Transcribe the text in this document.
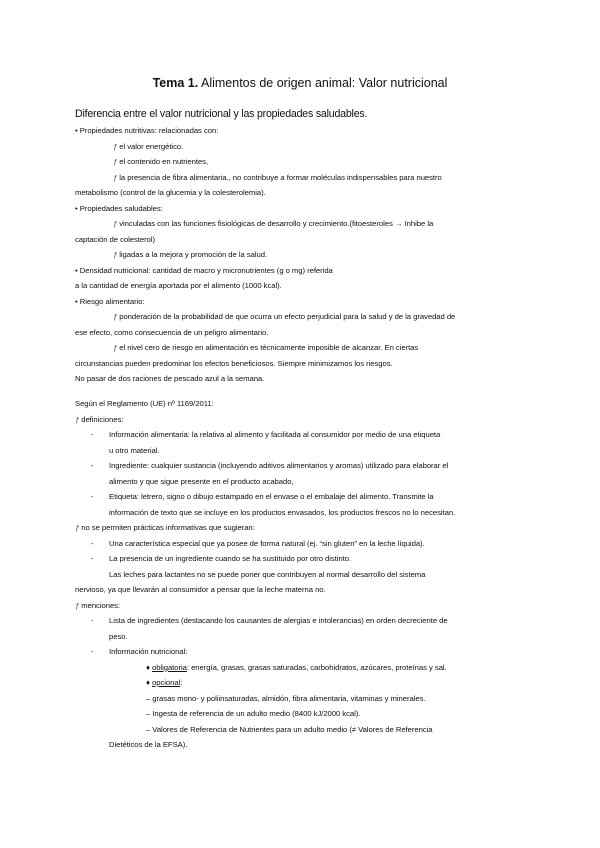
Tema 1. Alimentos de origen animal: Valor nutricional
Diferencia entre el valor nutricional y las propiedades saludables.
• Propiedades nutritivas: relacionadas con:
ƒ el valor energético.
ƒ el contenido en nutrientes,
ƒ la presencia de fibra alimentaria., no contribuye a formar moléculas indispensables para nuestro
metabolismo (control de la glucemia y la colesterolemia).
• Propiedades saludables:
ƒ vinculadas con las funciones fisiológicas de desarrollo y crecimiento.(fitoesteroles → Inhibe la
captación de colesterol)
ƒ ligadas a la mejora y promoción de la salud.
• Densidad nutricional: cantidad de macro y micronutrientes (g o mg) referida
a la cantidad de energía aportada por el alimento (1000 kcal).
• Riesgo alimentario:
ƒ ponderación de la probabilidad de que ocurra un efecto perjudicial para la salud y de la gravedad de
ese efecto, como consecuencia de un peligro alimentario.
ƒ el nivel cero de riesgo en alimentación es técnicamente imposible de alcanzar. En ciertas
circunstancias pueden predominar los efectos beneficiosos. Siempre minimizamos los riesgos.
No pasar de dos raciones de pescado azul a la semana.
Según el Reglamento (UE) nº 1169/2011:
ƒ definiciones:
- Información alimentaria: la relativa al alimento y facilitada al consumidor por medio de una etiqueta
u otro material.
- Ingrediente: cualquier sustancia (incluyendo aditivos alimentarios y aromas) utilizado para elaborar el
alimento y que sigue presente en el producto acabado,
- Etiqueta: letrero, signo o dibujo estampado en el envase o el embalaje del alimento. Transmite la
información de texto que se incluye en los productos envasados, los productos frescos no lo necesitan.
ƒ no se permiten prácticas informativas que sugieran:
- Una característica especial que ya posee de forma natural (ej. “sin gluten” en la leche líquida).
- La presencia de un ingrediente cuando se ha sustituido por otro distinto.
Las leches para lactantes no se puede poner que contribuyen al normal desarrollo del sistema
nervioso, ya que llevarán al consumidor a pensar que la leche materna no.
ƒ menciones:
- Lista de ingredientes (destacando los causantes de alergias e intolerancias) en orden decreciente de
peso.
- Información nutricional:
♦ obligatoria: energía, grasas, grasas saturadas, carbohidratos, azúcares, proteínas y sal.
♦ opcional:
– grasas mono- y poliinsaturadas, almidón, fibra alimentaria, vitaminas y minerales.
– Ingesta de referencia de un adulto medio (8400 kJ/2000 kcal).
– Valores de Referencia de Nutrientes para un adulto medio (≠ Valores de Referencia
Dietéticos de la EFSA).
